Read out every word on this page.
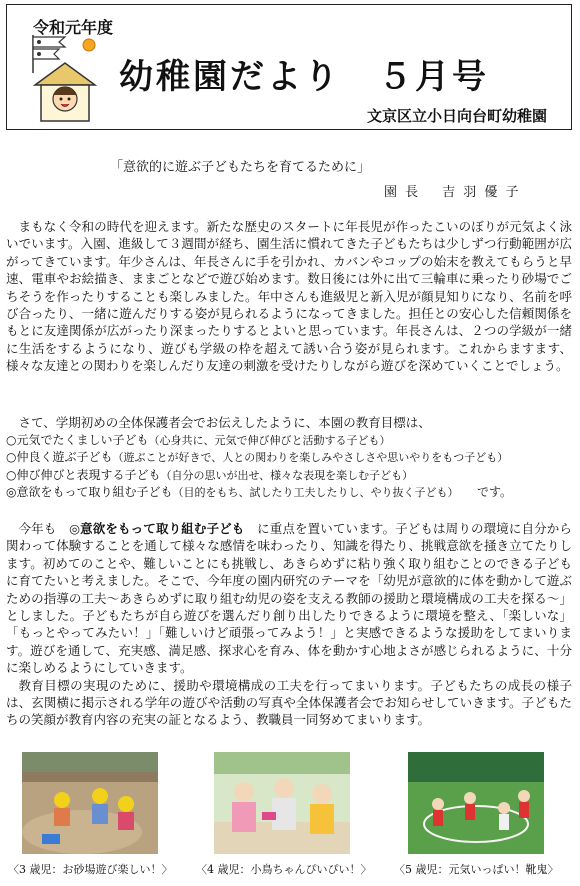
令和元年度
幼稚園だより　５月号
文京区立小日向台町幼稚園
「意欲的に遊ぶ子どもたちを育てるために」
園 長 吉 羽 優 子

まもなく令和の時代を迎えます。新たな歴史のスタートに年長児が作ったこいのぼりが元気よく泳いでいます。入園、進級して３週間が経ち、園生活に慣れてきた子どもたちは少しずつ行動範囲が広がってきています。年少さんは、年長さんに手を引かれ、カバンやコップの始末を教えてもらうと早速、電車やお絵描き、ままごとなどで遊び始めます。数日後には外に出て三輪車に乗ったり砂場でごちそうを作ったりすることも楽しみました。年中さんも進級児と新入児が顔見知りになり、名前を呼び合ったり、一緒に遊んだりする姿が見られるようになってきました。担任との安心した信頼関係をもとに友達関係が広がったり深まったりするとよいと思っています。年長さんは、２つの学級が一緒に生活をするようになり、遊びも学級の枠を超えて誘い合う姿が見られます。これからますます、様々な友達との関わりを楽しんだり友達の刺激を受けたりしながら遊びを深めていくことでしょう。

さて、学期初めの全体保護者会でお伝えしたように、本園の教育目標は、

○元気でたくましい子ども（心身共に、元気で伸び伸びと活動する子ども）
○仲良く遊ぶ子ども（遊ぶことが好きで、人との関わりを楽しみやさしさや思いやりをもつ子ども）
○伸び伸びと表現する子ども（自分の思いが出せ、様々な表現を楽しむ子ども）
◎意欲をもって取り組む子ども（目的をもち、試したり工夫したりし、やり抜く子ども）　　 です。

今年も　 ◎意欲をもって取り組む子ども　 に重点を置いています。子どもは周りの環境に自分から関わって体験することを通して様々な感情を味わったり、知識を得たり、挑戦意欲を掻き立てたりします。初めてのことや、難しいことにも挑戦し、あきらめずに粘り強く取り組むことのできる子どもに育てたいと考えました。そこで、今年度の園内研究のテーマを「幼児が意欲的に体を動かして遊ぶための指導の工夫～あきらめずに取り組む幼児の姿を支える教師の援助と環境構成の工夫を探る～」としました。子どもたちが自ら遊びを選んだり創り出したりできるように環境を整え、「楽しいな」「もっとやってみたい！」「難しいけど頑張ってみよう！」と実感できるような援助をしてまいります。遊びを通して、充実感、満足感、探求心を育み、体を動かす心地よさが感じられるように、十分に楽しめるようにしていきます。

教育目標の実現のために、援助や環境構成の工夫を行ってまいります。子どもたちの成長の様子は、玄関横に掲示される学年の遊びや活動の写真や全体保護者会でお知らせしていきます。子どもたちの笑顔が教育内容の充実の証となるよう、教職員一同努めてまいります。

〈3 歳児：お砂場遊び楽しい！〉 〈4 歳児：小鳥ちゃんぴいぴい！〉 〈5 歳児：元気いっぱい！靴鬼〉
